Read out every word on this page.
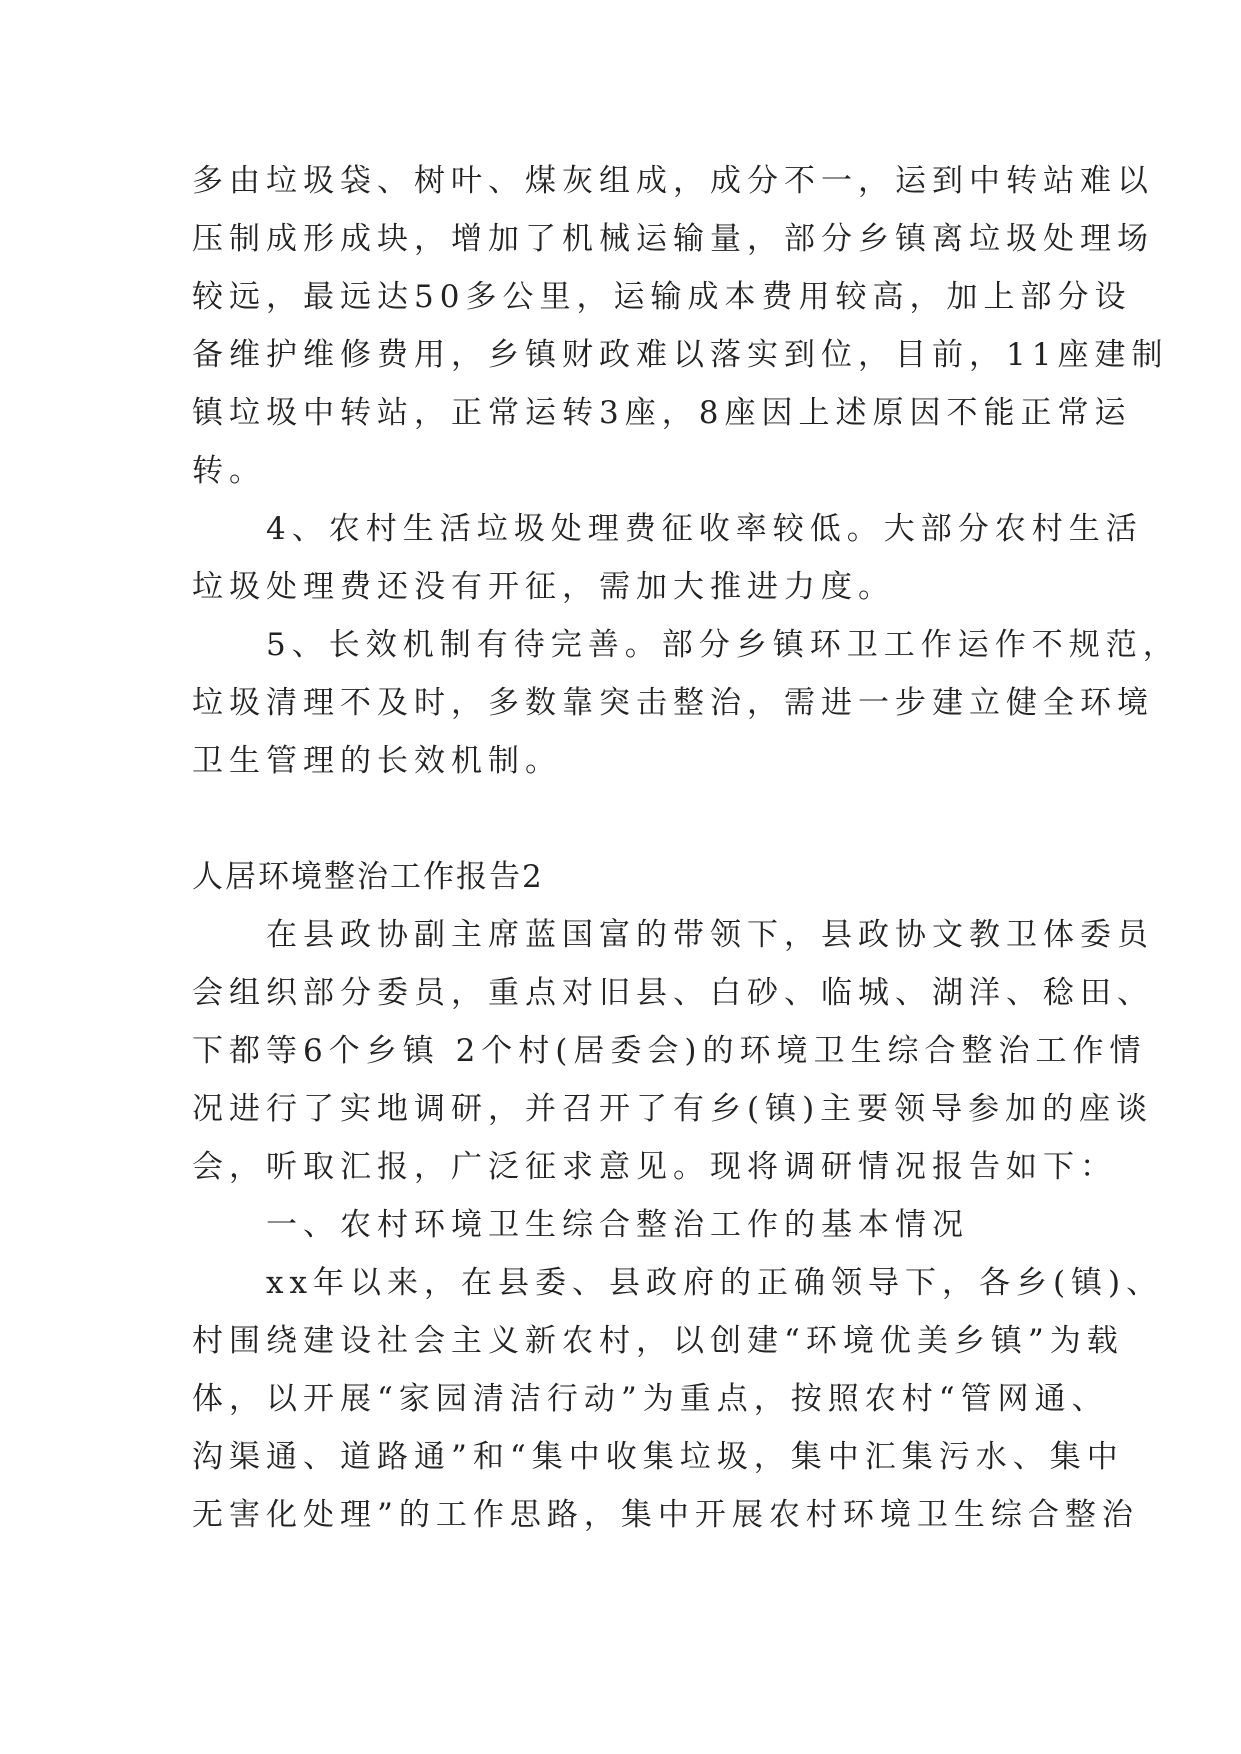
多由垃圾袋、树叶、煤灰组成，成分不一，运到中转站难以
压制成形成块，增加了机械运输量，部分乡镇离垃圾处理场
较远，最远达50多公里，运输成本费用较高，加上部分设
备维护维修费用，乡镇财政难以落实到位，目前，11座建制
镇垃圾中转站，正常运转3座，8座因上述原因不能正常运
转。
　　4、农村生活垃圾处理费征收率较低。大部分农村生活
垃圾处理费还没有开征，需加大推进力度。
　　5、长效机制有待完善。部分乡镇环卫工作运作不规范，
垃圾清理不及时，多数靠突击整治，需进一步建立健全环境
卫生管理的长效机制。
人居环境整治工作报告2
　　在县政协副主席蓝国富的带领下，县政协文教卫体委员
会组织部分委员，重点对旧县、白砂、临城、湖洋、稔田、
下都等6个乡镇 2个村(居委会)的环境卫生综合整治工作情
况进行了实地调研，并召开了有乡(镇)主要领导参加的座谈
会，听取汇报，广泛征求意见。现将调研情况报告如下：
　　一、农村环境卫生综合整治工作的基本情况
　　xx年以来，在县委、县政府的正确领导下，各乡(镇)、
村围绕建设社会主义新农村，以创建“环境优美乡镇”为载
体，以开展“家园清洁行动”为重点，按照农村“管网通、
沟渠通、道路通”和“集中收集垃圾，集中汇集污水、集中
无害化处理”的工作思路，集中开展农村环境卫生综合整治
